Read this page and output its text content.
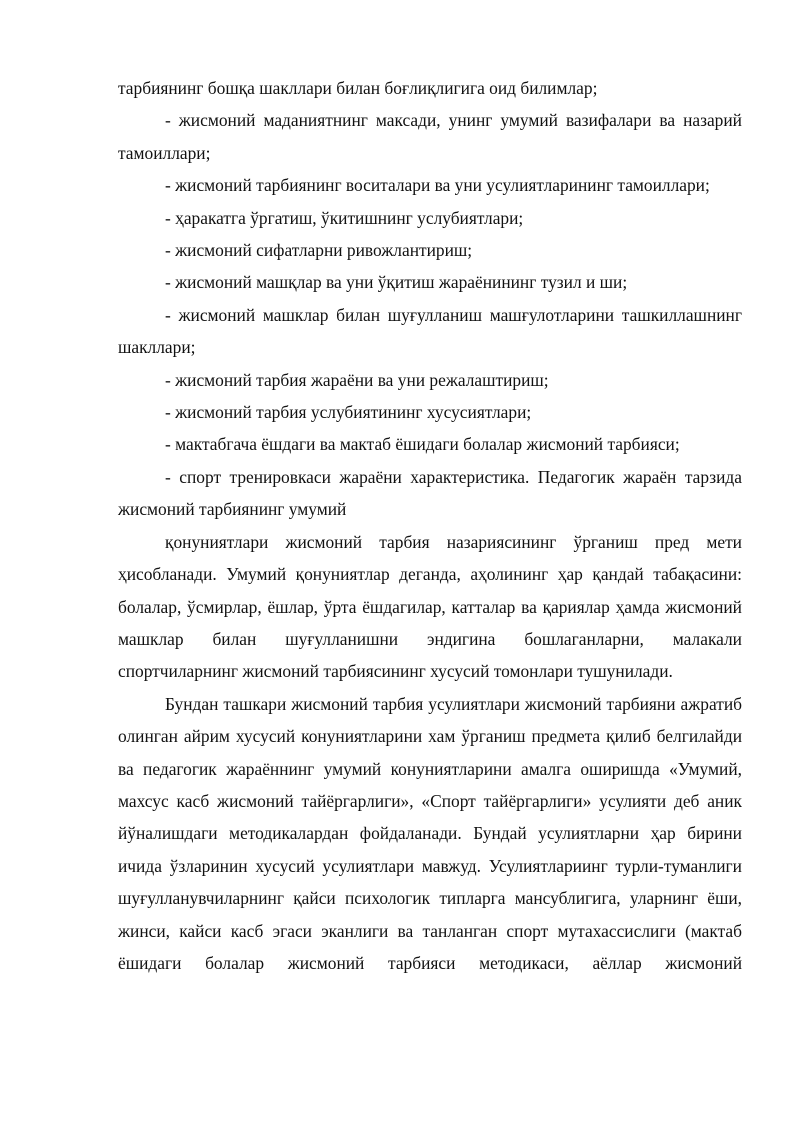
тарбиянинг бошқа шакллари билан боғлиқлигига оид билимлар;

- жисмоний маданиятнинг максади, унинг умумий вазифалари ва назарий тамоиллари;

- жисмоний тарбиянинг воситалари ва уни усулиятларининг тамоиллари;

- ҳаракатга ўргатиш, ўкитишнинг услубиятлари;

- жисмоний сифатларни ривожлантириш;

- жисмоний машқлар ва уни ўқитиш жараёнининг тузил и ши;

- жисмоний машклар билан шуғулланиш машғулотларини ташкиллашнинг шакллари;

- жисмоний тарбия жараёни ва уни режалаштириш;

- жисмоний тарбия услубиятининг хусусиятлари;

- мактабгача ёшдаги ва мактаб ёшидаги болалар жисмоний тарбияси;

- спорт тренировкаси жараёни характеристика. Педагогик жараён тарзида жисмоний тарбиянинг умумий

қонуниятлари жисмоний тарбия назариясининг ўрганиш пред мети ҳисобланади. Умумий қонуниятлар деганда, аҳолининг ҳар қандай табақасини: болалар, ўсмирлар, ёшлар, ўрта ёшдагилар, катталар ва қариялар ҳамда жисмоний машклар билан шуғулланишни эндигина бошлаганларни, малакали спортчиларнинг жисмоний тарбиясининг хусусий томонлари тушунилади.

Бундан ташкари жисмоний тарбия усулиятлари жисмоний тарбияни ажратиб олинган айрим хусусий конуниятларини хам ўрганиш предмета қилиб белгилайди ва педагогик жараённинг умумий конуниятларини амалга оширишда «Умумий, махсус касб жисмоний тайёргарлиги», «Спорт тайёргарлиги» усулияти деб аник йўналишдаги методикалардан фойдаланади. Бундай усулиятларни ҳар бирини ичида ўзларинин хусусий усулиятлари мавжуд. Усулиятлариинг турли-туманлиги шуғулланувчиларнинг қайси психологик типларга мансублигига, уларнинг ёши, жинси, кайси касб эгаси эканлиги ва танланган спорт мутахассислиги (мактаб ёшидаги болалар жисмоний тарбияси методикаси, аёллар жисмоний
